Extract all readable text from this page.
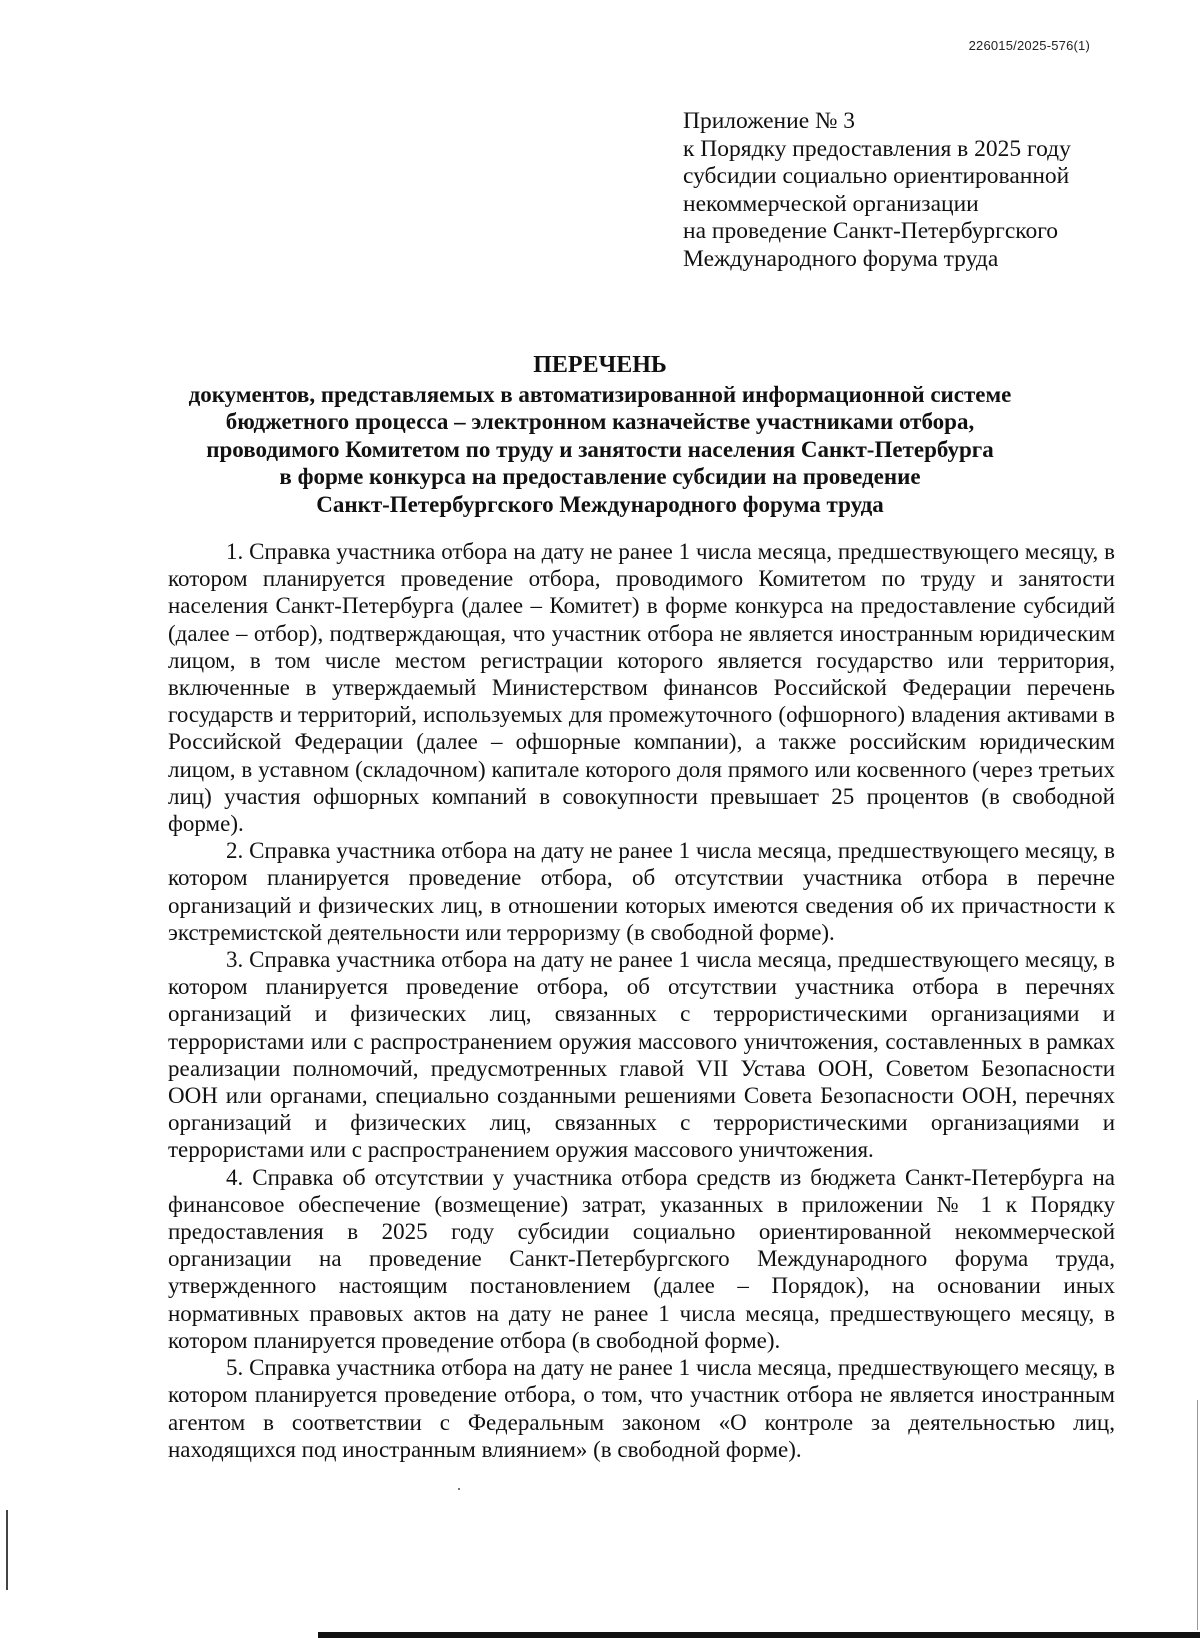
226015/2025-576(1)
Приложение № 3
к Порядку предоставления в 2025 году
субсидии социально ориентированной
некоммерческой организации
на проведение Санкт-Петербургского
Международного форума труда
ПЕРЕЧЕНЬ
документов, представляемых в автоматизированной информационной системе
бюджетного процесса – электронном казначействе участниками отбора,
проводимого Комитетом по труду и занятости населения Санкт-Петербурга
в форме конкурса на предоставление субсидии на проведение
Санкт-Петербургского Международного форума труда

1. Справка участника отбора на дату не ранее 1 числа месяца, предшествующего месяцу, в котором планируется проведение отбора, проводимого Комитетом по труду и занятости населения Санкт-Петербурга (далее – Комитет) в форме конкурса на предоставление субсидий (далее – отбор), подтверждающая, что участник отбора не является иностранным юридическим лицом, в том числе местом регистрации которого является государство или территория, включенные в утверждаемый Министерством финансов Российской Федерации перечень государств и территорий, используемых для промежуточного (офшорного) владения активами в Российской Федерации (далее – офшорные компании), а также российским юридическим лицом, в уставном (складочном) капитале которого доля прямого или косвенного (через третьих лиц) участия офшорных компаний в совокупности превышает 25 процентов (в свободной форме).

2. Справка участника отбора на дату не ранее 1 числа месяца, предшествующего месяцу, в котором планируется проведение отбора, об отсутствии участника отбора в перечне организаций и физических лиц, в отношении которых имеются сведения об их причастности к экстремистской деятельности или терроризму (в свободной форме).

3. Справка участника отбора на дату не ранее 1 числа месяца, предшествующего месяцу, в котором планируется проведение отбора, об отсутствии участника отбора в перечнях организаций и физических лиц, связанных с террористическими организациями и террористами или с распространением оружия массового уничтожения, составленных в рамках реализации полномочий, предусмотренных главой VII Устава ООН, Советом Безопасности ООН или органами, специально созданными решениями Совета Безопасности ООН, перечнях организаций и физических лиц, связанных с террористическими организациями и террористами или с распространением оружия массового уничтожения.

4. Справка об отсутствии у участника отбора средств из бюджета Санкт-Петербурга на финансовое обеспечение (возмещение) затрат, указанных в приложении № 1 к Порядку предоставления в 2025 году субсидии социально ориентированной некоммерческой организации на проведение Санкт-Петербургского Международного форума труда, утвержденного настоящим постановлением (далее – Порядок), на основании иных нормативных правовых актов на дату не ранее 1 числа месяца, предшествующего месяцу, в котором планируется проведение отбора (в свободной форме).

5. Справка участника отбора на дату не ранее 1 числа месяца, предшествующего месяцу, в котором планируется проведение отбора, о том, что участник отбора не является иностранным агентом в соответствии с Федеральным законом «О контроле за деятельностью лиц, находящихся под иностранным влиянием» (в свободной форме).
